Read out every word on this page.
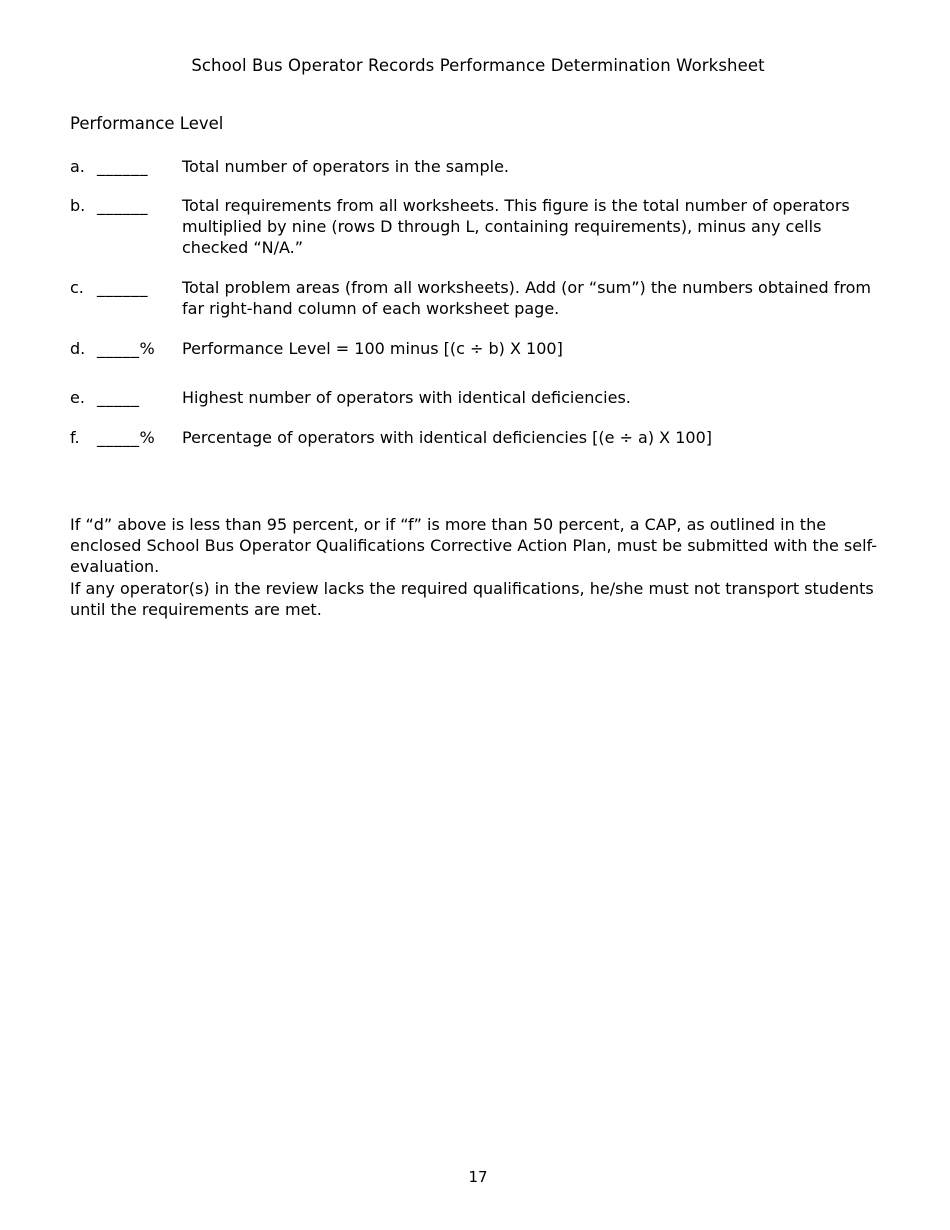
School Bus Operator Records Performance Determination Worksheet
Performance Level
a. ______ Total number of operators in the sample.
b. ______ Total requirements from all worksheets. This figure is the total number of operators multiplied by nine (rows D through L, containing requirements), minus any cells checked “N/A.”
c. ______ Total problem areas (from all worksheets). Add (or “sum”) the numbers obtained from far right-hand column of each worksheet page.
d. _____% Performance Level = 100 minus [(c ÷ b) X 100]
e. _____	Highest number of operators with identical deficiencies.
f. _____% Percentage of operators with identical deficiencies [(e ÷ a) X 100]
If “d” above is less than 95 percent, or if “f” is more than 50 percent, a CAP, as outlined in the enclosed School Bus Operator Qualifications Corrective Action Plan, must be submitted with the self-evaluation.
If any operator(s) in the review lacks the required qualifications, he/she must not transport students until the requirements are met.
17
